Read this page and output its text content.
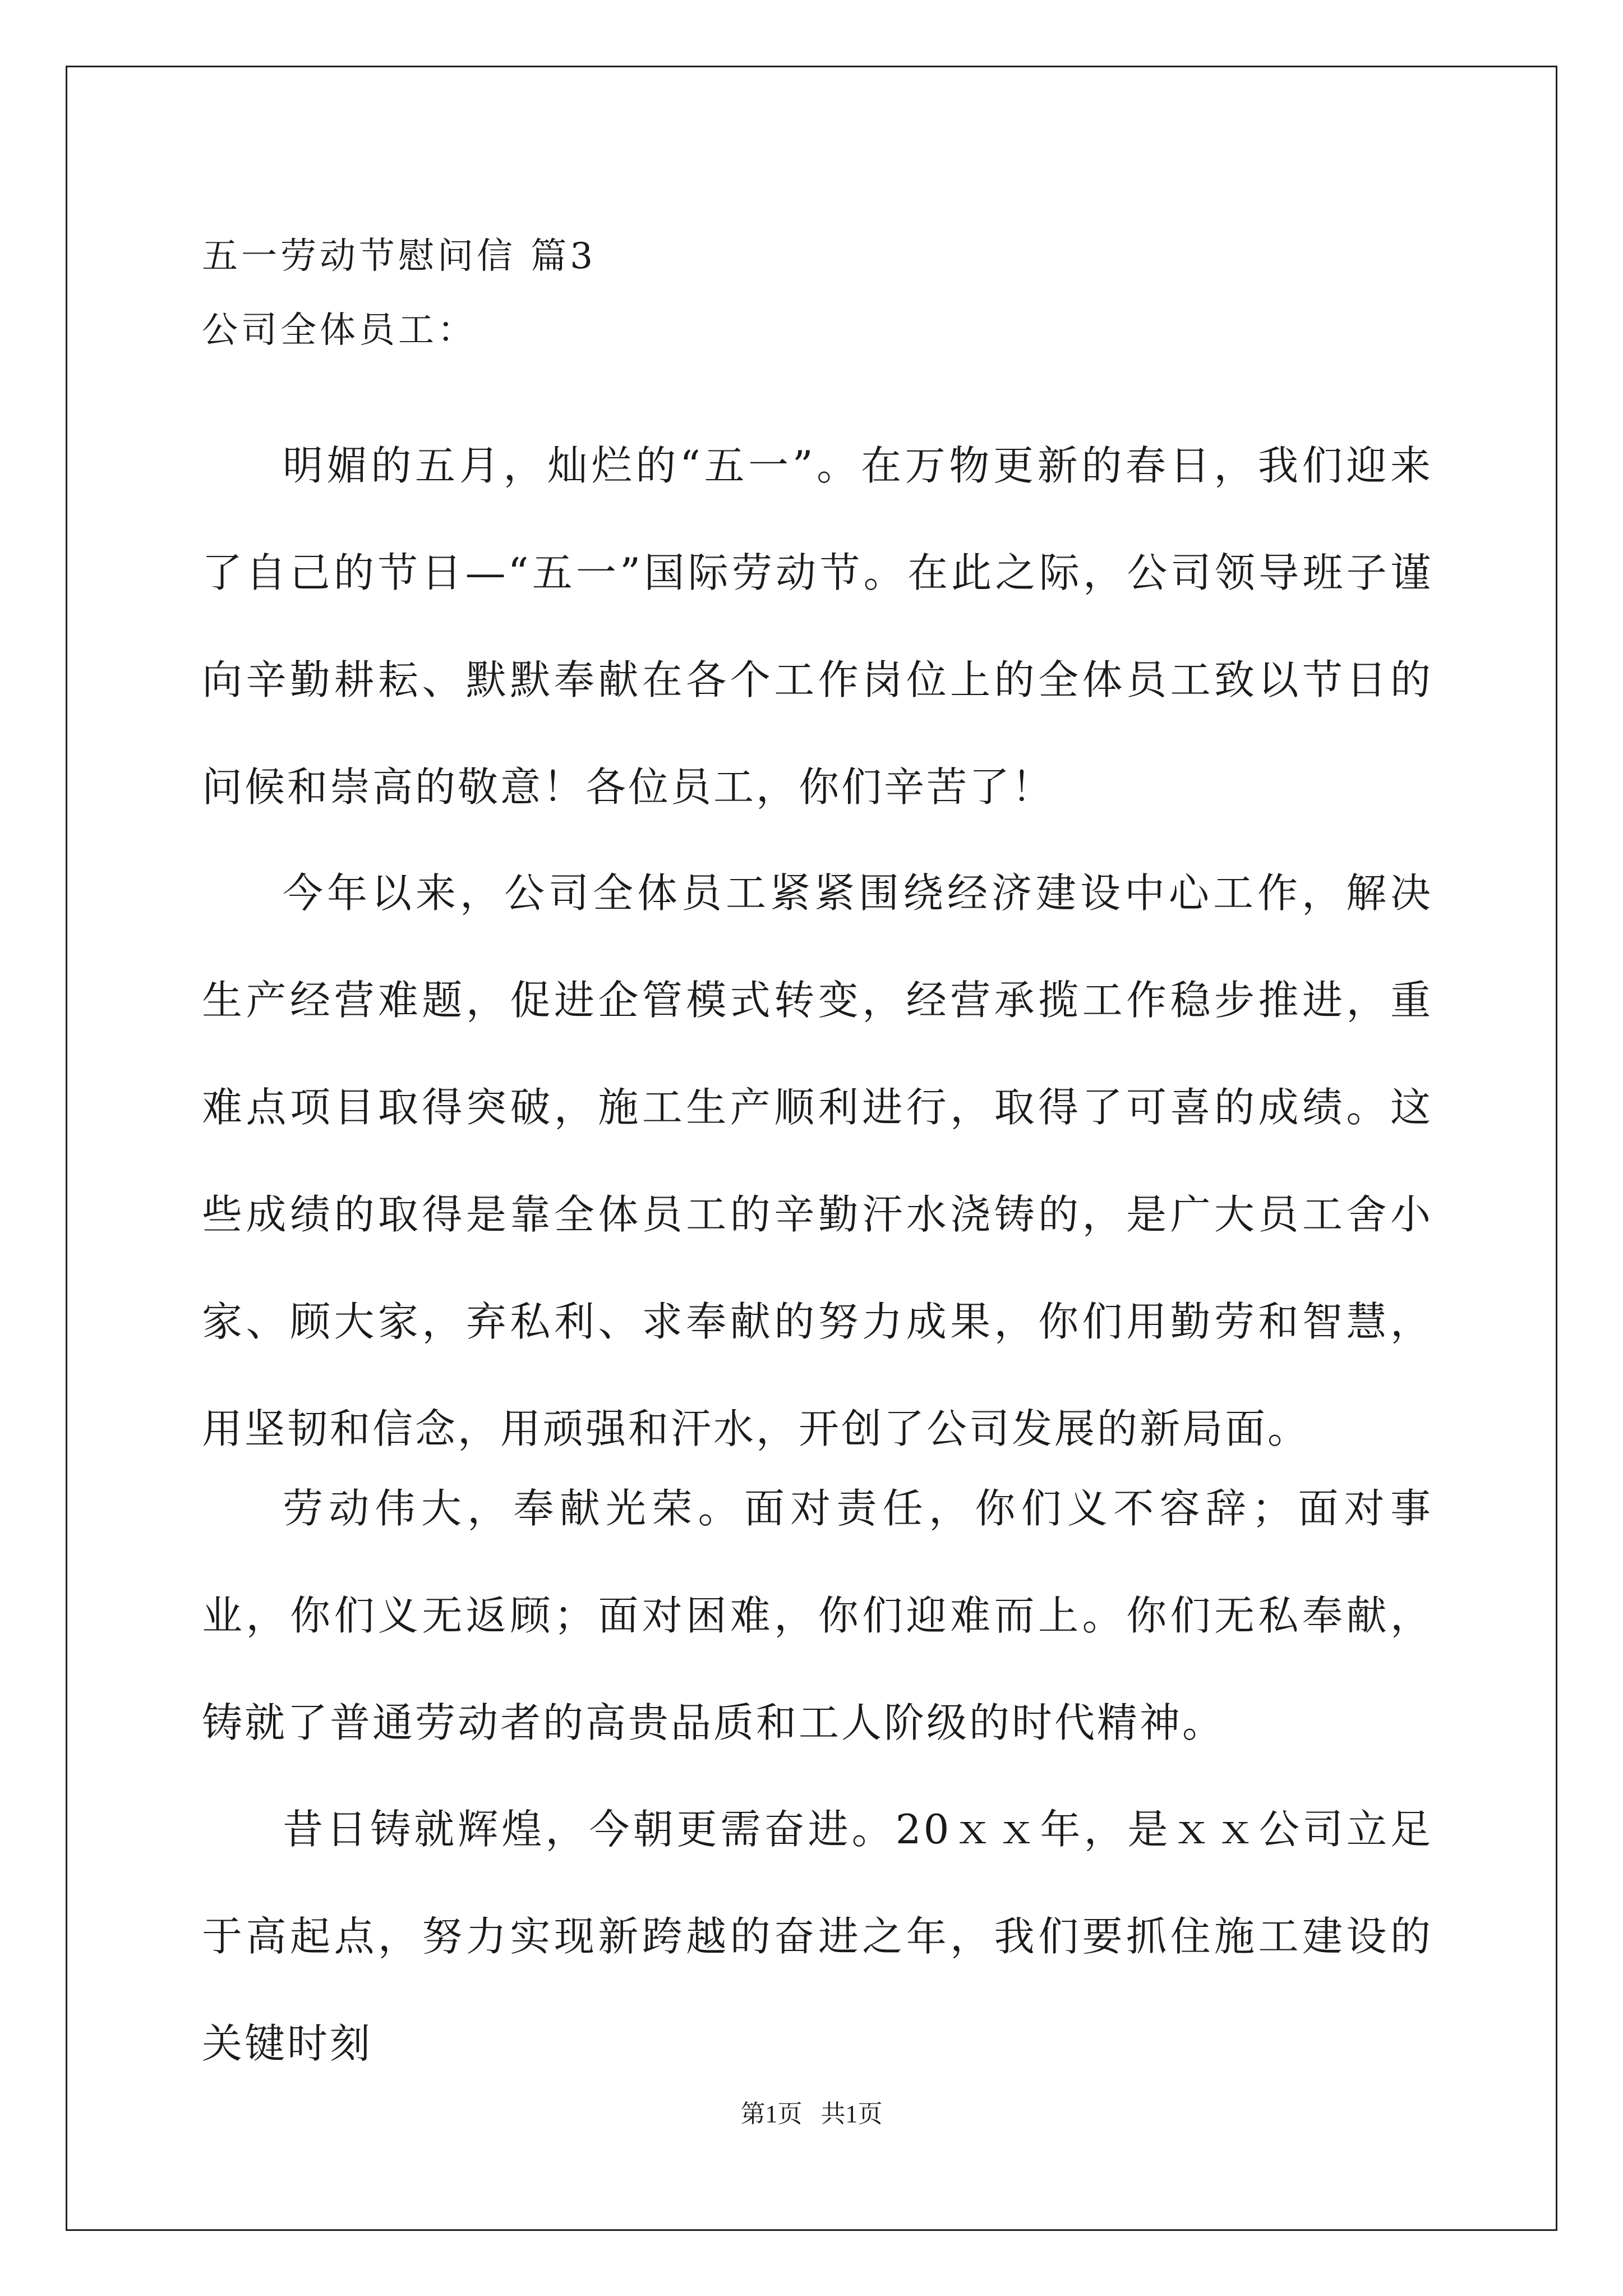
五一劳动节慰问信 篇3
公司全体员工：

明媚的五月，灿烂的“五一”。在万物更新的春日，我们迎来了自己的节日—“五一”国际劳动节。在此之际，公司领导班子谨向辛勤耕耘、默默奉献在各个工作岗位上的全体员工致以节日的问候和崇高的敬意！各位员工，你们辛苦了！

今年以来，公司全体员工紧紧围绕经济建设中心工作，解决生产经营难题，促进企管模式转变，经营承揽工作稳步推进，重难点项目取得突破，施工生产顺利进行，取得了可喜的成绩。这些成绩的取得是靠全体员工的辛勤汗水浇铸的，是广大员工舍小家、顾大家，弃私利、求奉献的努力成果，你们用勤劳和智慧，用坚韧和信念，用顽强和汗水，开创了公司发展的新局面。

劳动伟大，奉献光荣。面对责任，你们义不容辞；面对事业，你们义无返顾；面对困难，你们迎难而上。你们无私奉献，铸就了普通劳动者的高贵品质和工人阶级的时代精神。

昔日铸就辉煌，今朝更需奋进。20ｘｘ年，是ｘｘ公司立足于高起点，努力实现新跨越的奋进之年，我们要抓住施工建设的关键时刻

第1页   共1页
